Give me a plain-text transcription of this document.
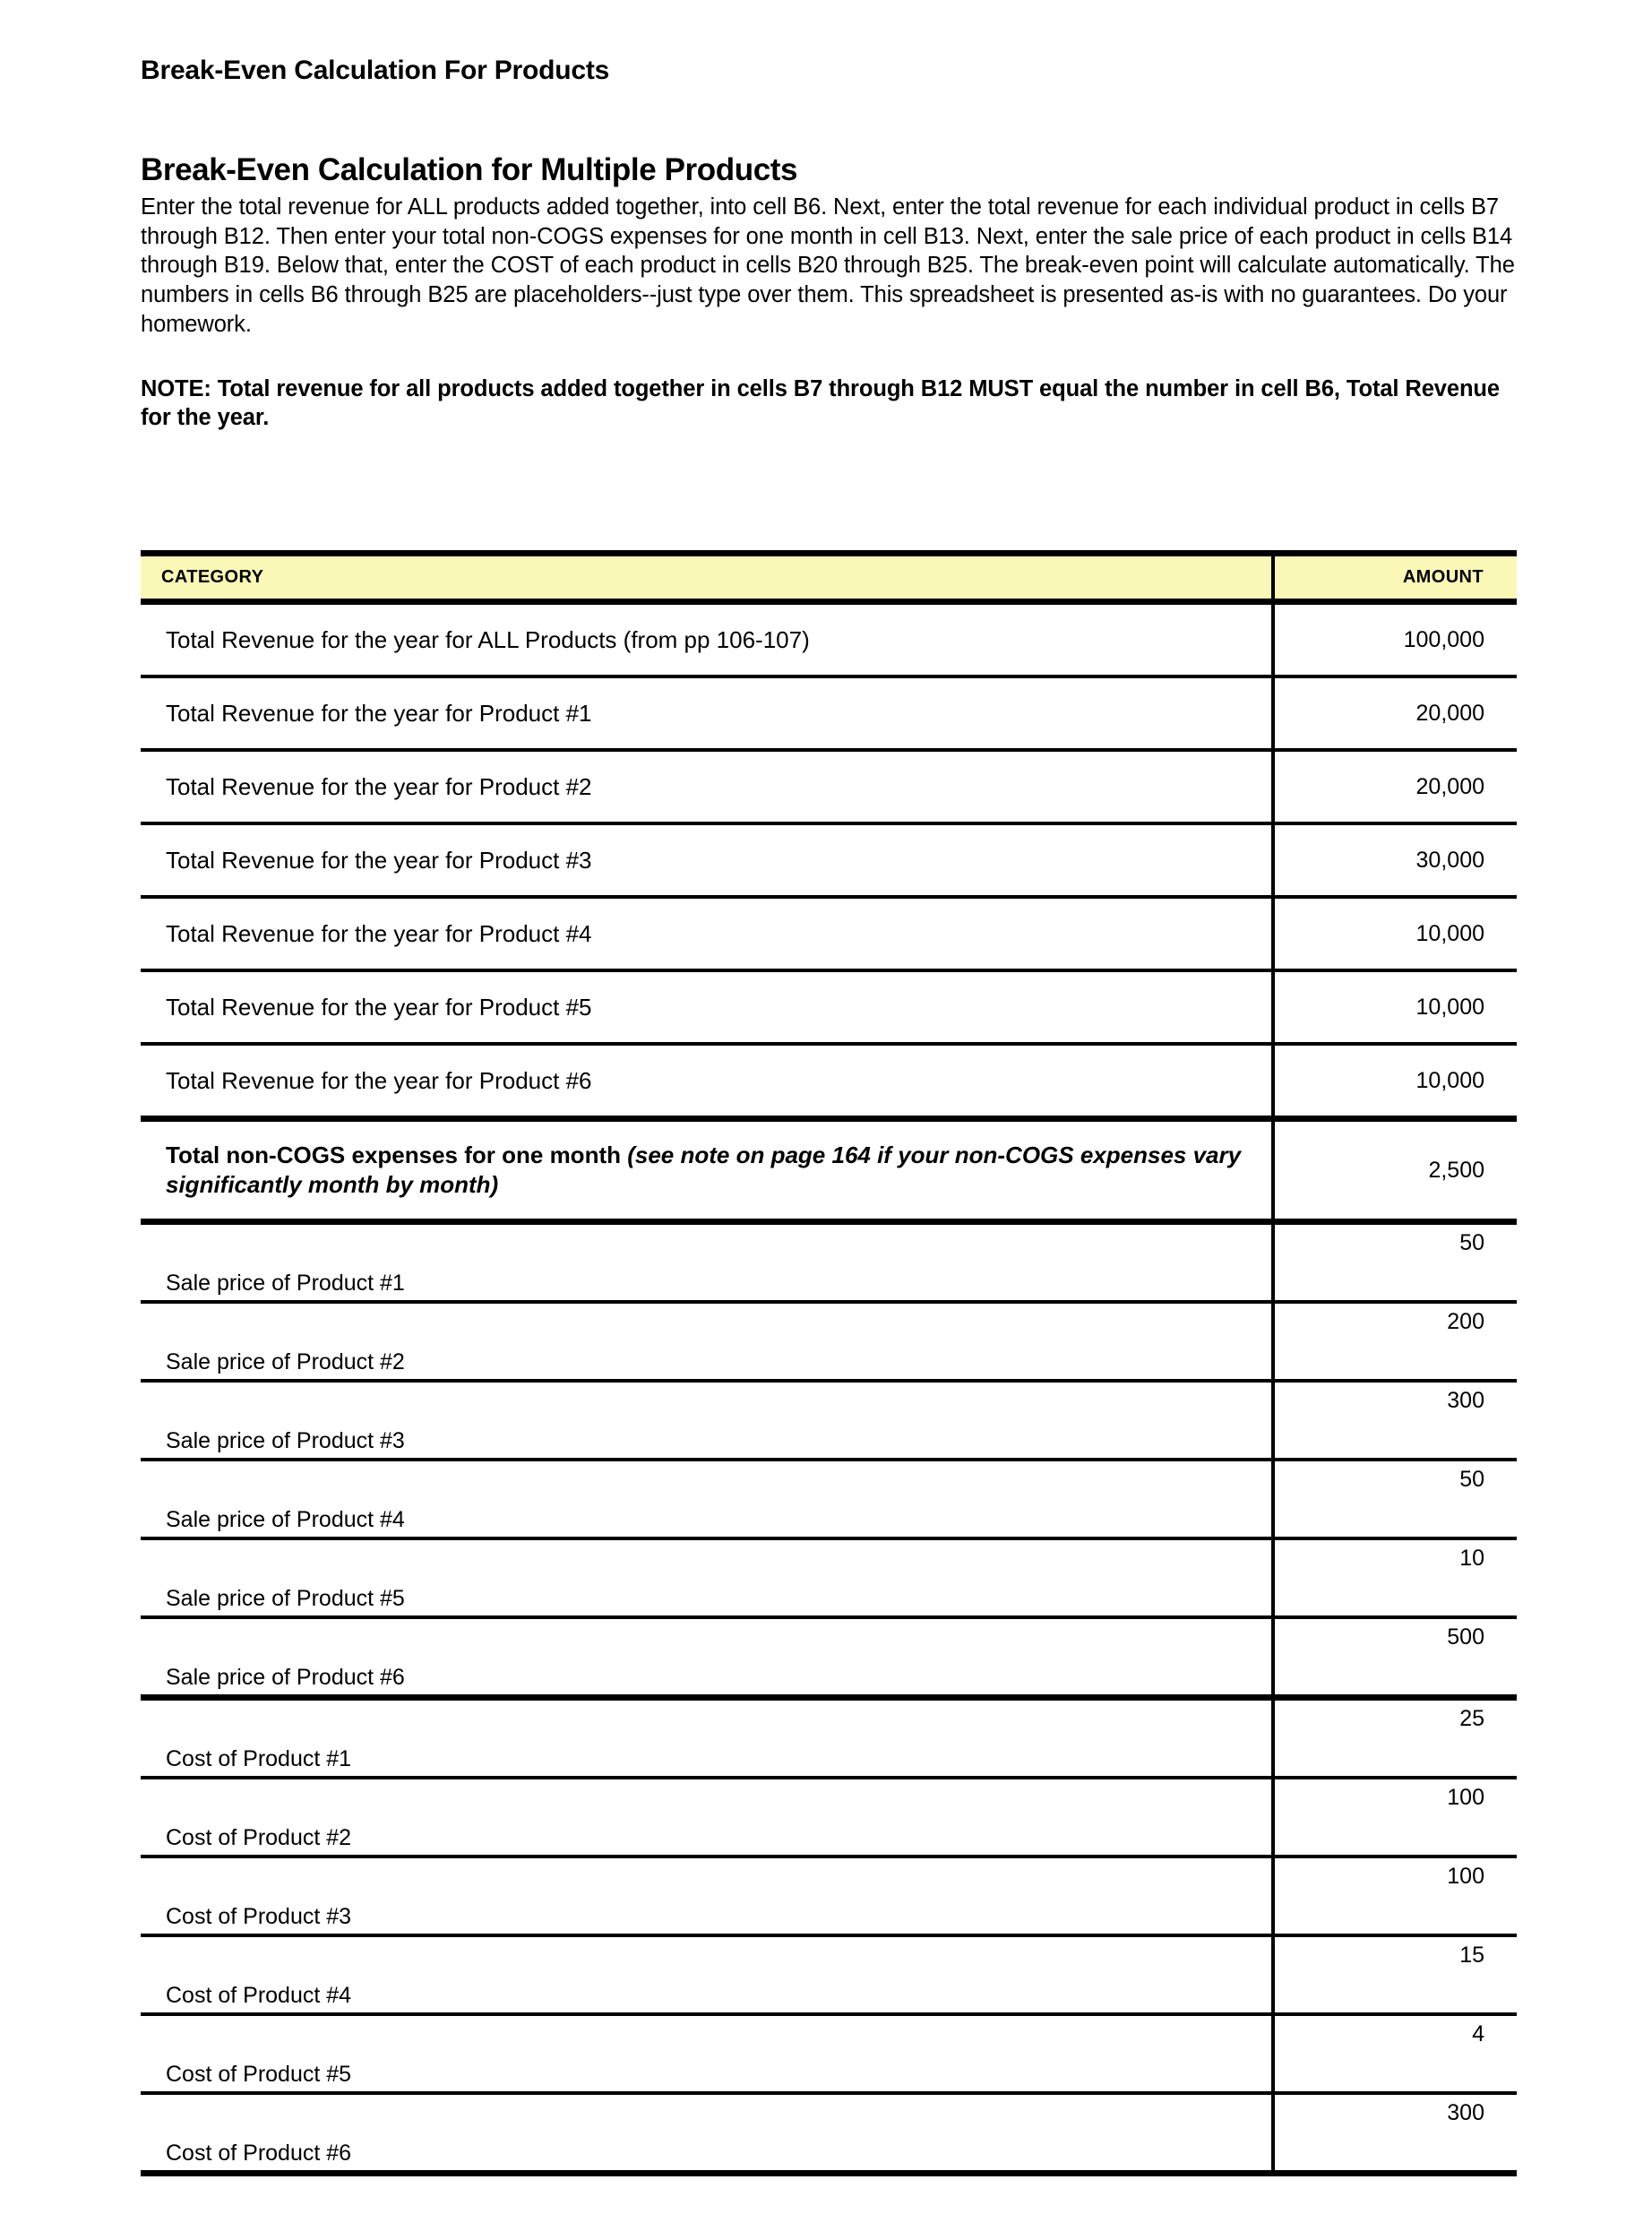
Break-Even Calculation For Products
Break-Even Calculation for Multiple Products

Enter the total revenue for ALL products added together, into cell B6. Next, enter the total revenue for each individual product in cells B7 through B12. Then enter your total non-COGS expenses for one month in cell B13. Next, enter the sale price of each product in cells B14 through B19. Below that, enter the COST of each product in cells B20 through B25. The break-even point will calculate automatically. The numbers in cells B6 through B25 are placeholders--just type over them. This spreadsheet is presented as-is with no guarantees. Do your homework.

NOTE: Total revenue for all products added together in cells B7 through B12 MUST equal the number in cell B6, Total Revenue for the year.

CATEGORY	AMOUNT
Total Revenue for the year for ALL Products (from pp 106-107)	100,000
Total Revenue for the year for Product #1	20,000
Total Revenue for the year for Product #2	20,000
Total Revenue for the year for Product #3	30,000
Total Revenue for the year for Product #4	10,000
Total Revenue for the year for Product #5	10,000
Total Revenue for the year for Product #6	10,000
Total non-COGS expenses for one month (see note on page 164 if your non-COGS expenses vary significantly month by month)	2,500
Sale price of Product #1	50
Sale price of Product #2	200
Sale price of Product #3	300
Sale price of Product #4	50
Sale price of Product #5	10
Sale price of Product #6	500
Cost of Product #1	25
Cost of Product #2	100
Cost of Product #3	100
Cost of Product #4	15
Cost of Product #5	4
Cost of Product #6	300
